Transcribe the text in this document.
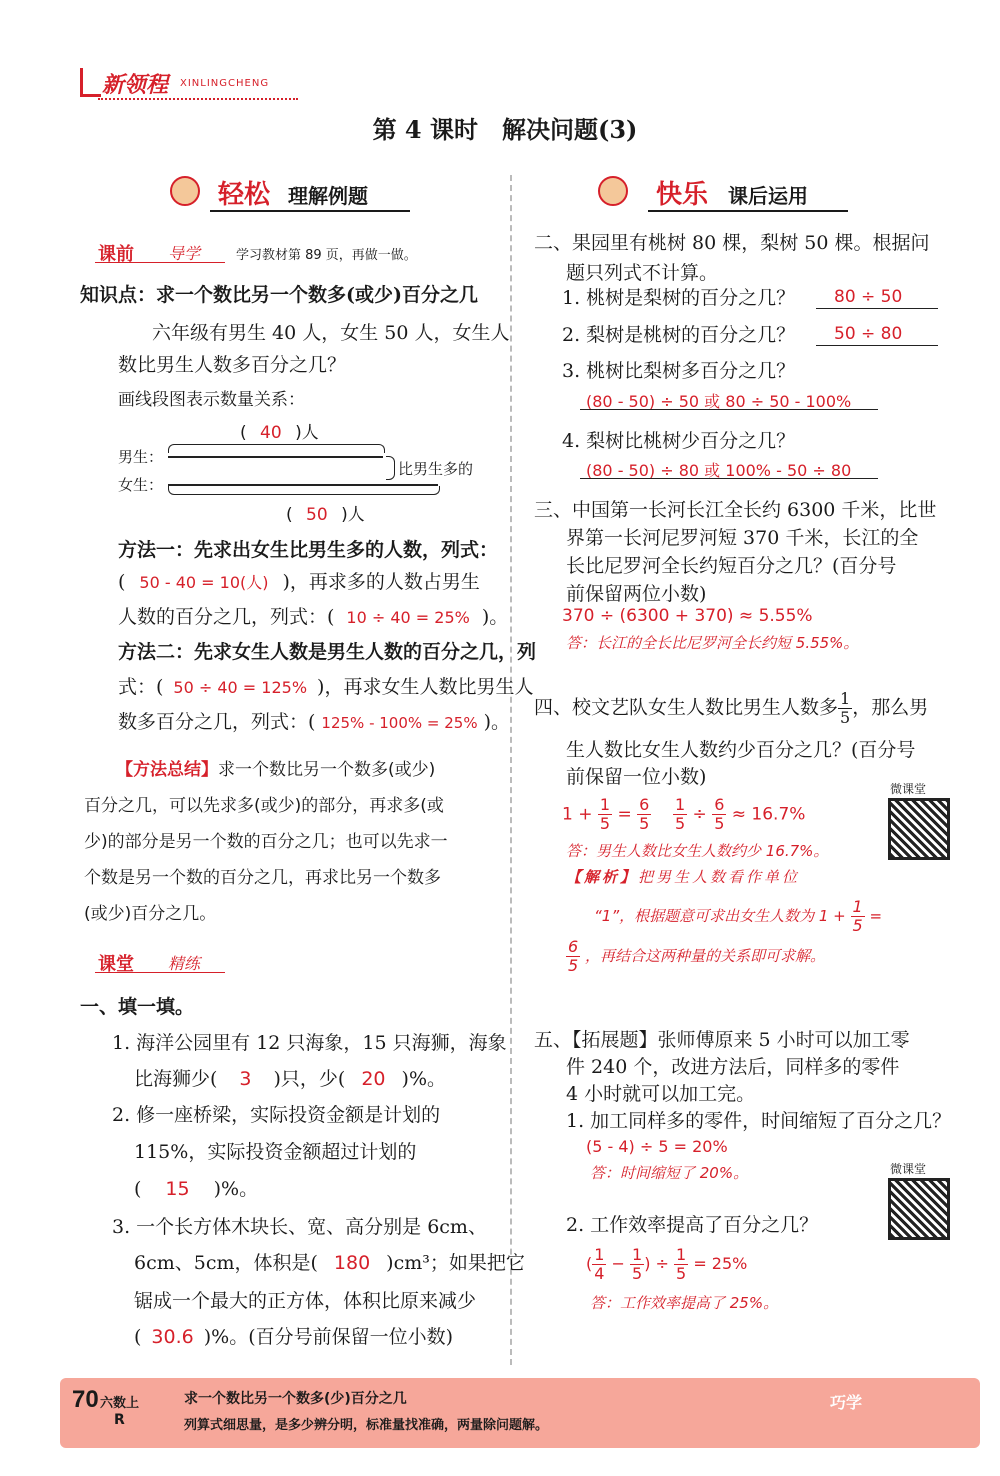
新领程 XINLINGCHENG
第 4 课时　解决问题(3)
轻松 理解例题
课前 导学	学习教材第 89 页，再做一做。
知识点：求一个数比另一个数多(或少)百分之几
六年级有男生 40 人，女生 50 人，女生人
数比男生人数多百分之几？
画线段图表示数量关系：
( 40 )人
男生：
比男生多的
女生：
( 50 )人
方法一：先求出女生比男生多的人数，列式：
( 50 - 40 = 10(人) )，再求多的人数占男生
人数的百分之几，列式：( 10 ÷ 40 = 25% )。
方法二：先求女生人数是男生人数的百分之几，列
式：( 50 ÷ 40 = 125% )，再求女生人数比男生人
数多百分之几，列式：( 125% - 100% = 25% )。
【方法总结】求一个数比另一个数多(或少)
百分之几，可以先求多(或少)的部分，再求多(或
少)的部分是另一个数的百分之几；也可以先求一
个数是另一个数的百分之几，再求比另一个数多
(或少)百分之几。
课堂 精练
一、填一填。
1. 海洋公园里有 12 只海象，15 只海狮，海象
比海狮少( 3 )只，少( 20 )%。
2. 修一座桥梁，实际投资金额是计划的
115%，实际投资金额超过计划的
( 15 )%。
3. 一个长方体木块长、宽、高分别是 6cm、
6cm、5cm，体积是( 180 )cm³；如果把它
锯成一个最大的正方体，体积比原来减少
( 30.6 )%。(百分号前保留一位小数)
快乐 课后运用
二、果园里有桃树 80 棵，梨树 50 棵。根据问
题只列式不计算。
1. 桃树是梨树的百分之几？ 80 ÷ 50
2. 梨树是桃树的百分之几？ 50 ÷ 80
3. 桃树比梨树多百分之几？
(80 - 50) ÷ 50 或 80 ÷ 50 - 100%
4. 梨树比桃树少百分之几？
(80 - 50) ÷ 80 或 100% - 50 ÷ 80
三、中国第一长河长江全长约 6300 千米，比世
界第一长河尼罗河短 370 千米，长江的全
长比尼罗河全长约短百分之几？(百分号
前保留两位小数)
370 ÷ (6300 + 370) ≈ 5.55%
答：长江的全长比尼罗河全长约短 5.55%。
四、校文艺队女生人数比男生人数多 $\frac{1}{5}$ ，那么男
生人数比女生人数约少百分之几？(百分号
前保留一位小数)
$1 + \frac{1}{5} = \frac{6}{5}$
$\frac{1}{5} \div \frac{6}{5} \approx 16.7\%$
答：男生人数比女生人数约少 16.7%。
【解析】把男生人数看作单位
“1”，根据题意可求出女生人数为 $1 + \frac{1}{5}$ =
$\frac{6}{5}$ ，再结合这两种量的关系即可求解。
微课堂
五、【拓展题】张师傅原来 5 小时可以加工零
件 240 个，改进方法后，同样多的零件
4 小时就可以加工完。
1. 加工同样多的零件，时间缩短了百分之几？
(5 - 4) ÷ 5 = 20%
答：时间缩短了 20%。	微课堂
2. 工作效率提高了百分之几？
( $\frac{1}{4} - \frac{1}{5}$ ) ÷ $\frac{1}{5} = 25\%$
答：工作效率提高了 25%。
70 六数上
R
求一个数比另一个数多(少)百分之几
列算式细思量，是多少辨分明，标准量找准确，两量除问题解。
巧学
